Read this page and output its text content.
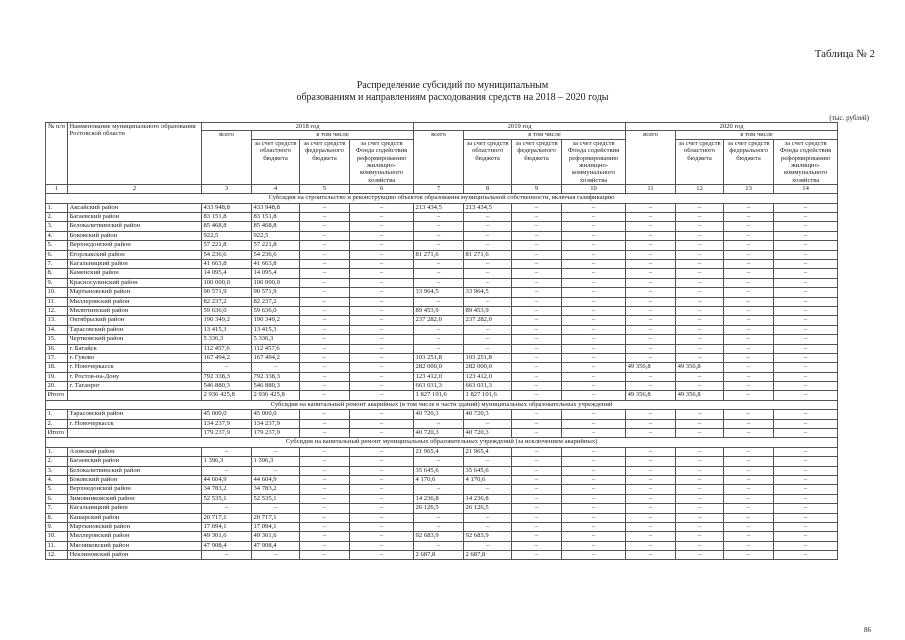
Таблица № 2
Распределение субсидий по муниципальным
образованиям и направлениям расходования средств на 2018 – 2020 годы
(тыс. рублей)
№ п/п	Наименование муниципального образования Ростовской области	2018 год				2019 год				2020 год			
		всего	в том числе			всего	в том числе			всего	в том числе		
			за счет средств областного бюджета	за счет средств федерального бюджета	за счет средств Фонда содействия реформированию жилищно-коммунального хозяйства		за счет средств областного бюджета	за счет средств федерального бюджета	за счет средств Фонда содействия реформированию жилищно-коммунального хозяйства		за счет средств областного бюджета	за счет средств федерального бюджета	за счет средств Фонда содействия реформированию жилищно-коммунального хозяйства
1	2	3	4	5	6	7	8	9	10	11	12	13	14
Субсидия на строительство и реконструкцию объектов образования муниципальной собственности, включая газификацию													
1.	Аксайский район	433 948,8	433 948,8	–	–	213 434,5	213 434,5	–	–	–	–	–	–
2.	Багаевский район	83 151,8	83 151,8	–	–	–	–	–	–	–	–	–	–
3.	Белокалитвинский район	85 468,8	85 468,8	–	–	–	–	–	–	–	–	–	–
4.	Боковский район	922,5	922,5	–	–	–	–	–	–	–	–	–	–
5.	Верхнедонской район	57 221,8	57 221,8	–	–	–	–	–	–	–	–	–	–
6.	Егорлыкский район	54 236,6	54 236,6	–	–	81 271,6	81 271,6	–	–	–	–	–	–
7.	Кагальницкий район	41 663,8	41 663,8	–	–	–	–	–	–	–	–	–	–
8.	Каменский район	14 095,4	14 095,4	–	–	–	–	–	–	–	–	–	–
9.	Красносулинский район	100 000,0	100 000,0	–	–	–	–	–	–	–	–	–	–
10.	Мартыновский район	90 571,9	90 571,9	–	–	33 964,5	33 964,5	–	–	–	–	–	–
11.	Миллеровский район	82 237,2	82 237,2	–	–	–	–	–	–	–	–	–	–
12.	Милютинский район	59 636,0	59 636,0	–	–	89 453,9	89 453,9	–	–	–	–	–	–
13.	Октябрьский район	190 349,2	190 349,2	–	–	237 282,0	237 282,0	–	–	–	–	–	–
14.	Тарасовский район	13 415,3	13 415,3	–	–	–	–	–	–	–	–	–	–
15.	Чертковский район	5 336,3	5 336,3	–	–	–	–	–	–	–	–	–	–
16.	г. Батайск	112 457,6	112 457,6	–	–	–	–	–	–	–	–	–	–
17.	г. Гуково	167 494,2	167 494,2	–	–	103 251,8	103 251,8	–	–	–	–	–	–
18.	г. Новочеркасск	–	–	–	–	282 000,0	282 000,0	–	–	49 356,8	49 356,8	–	–
19.	г. Ростов-на-Дону	792 338,3	792 338,3	–	–	123 412,0	123 412,0	–	–	–	–	–	–
20.	г. Таганрог	546 880,3	546 880,3	–	–	663 031,3	663 031,3	–	–	–	–	–	–
Итого		2 936 425,8	2 936 425,8	–	–	1 827 101,6	1 827 101,6	–	–	49 356,8	49 356,8	–	–
Субсидия на капитальный ремонт аварийных (в том числе в части зданий) муниципальных образовательных учреждений													
1.	Тарасовский район	45 000,0	45 000,0	–	–	40 720,3	40 720,3	–	–	–	–	–	–
2.	г. Новочеркасск	134 237,9	134 237,9	–	–	–	–	–	–	–	–	–	–
Итого		179 237,9	179 237,9	–	–	40 720,3	40 720,3	–	–	–	–	–	–
Субсидия на капитальный ремонт муниципальных образовательных учреждений (за исключением аварийных)													
1.	Азовский район	–	–	–	–	21 965,4	21 965,4	–	–	–	–	–	–
2.	Багаевский район	1 396,3	1 396,3	–	–	–	–	–	–	–	–	–	–
3.	Белокалитвинский район	–	–	–	–	35 645,6	35 645,6	–	–	–	–	–	–
4.	Боковский район	44 604,9	44 604,9	–	–	4 170,6	4 170,6	–	–	–	–	–	–
5.	Верхнедонской район	34 783,2	34 783,2	–	–	–	–	–	–	–	–	–	–
6.	Зимовниковский район	52 535,1	52 535,1	–	–	14 236,8	14 236,8	–	–	–	–	–	–
7.	Кагальницкий район	–	–	–	–	26 126,5	26 126,5	–	–	–	–	–	–
8.	Кашарский район	20 717,1	20 717,1	–	–	–	–	–	–	–	–	–	–
9.	Мартыновский район	17 094,1	17 094,1	–	–	–	–	–	–	–	–	–	–
10.	Миллеровский район	49 301,6	49 301,6	–	–	92 683,9	92 683,9	–	–	–	–	–	–
11.	Мясниковский район	47 908,4	47 908,4	–	–	–	–	–	–	–	–	–	–
12.	Неклиновский район	–	–	–	–	2 687,8	2 687,8	–	–	–	–	–	–
86
